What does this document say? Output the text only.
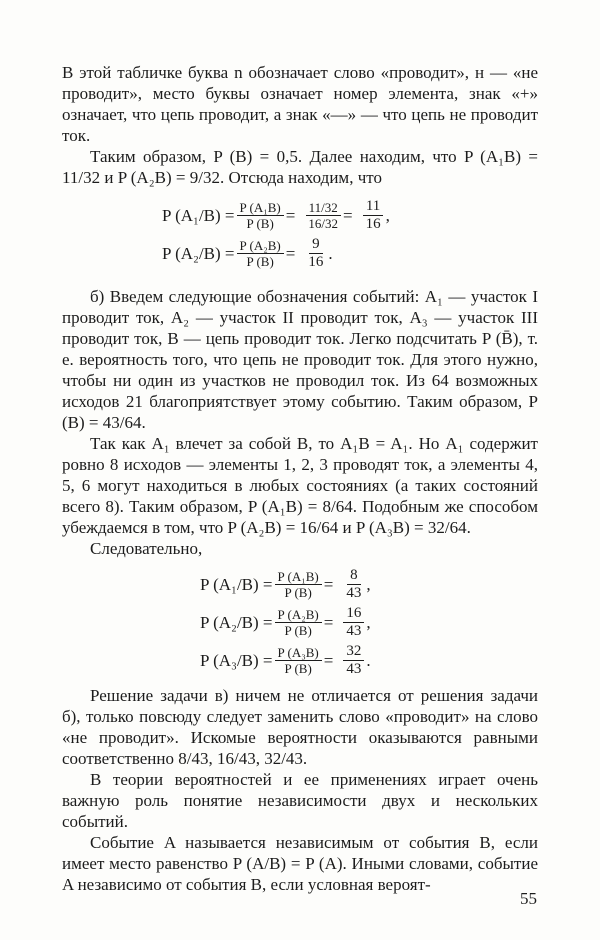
В этой табличке буква n обозначает слово «проводит», н — «не проводит», место буквы означает номер элемента, знак «+» означает, что цепь проводит, а знак «—» — что цепь не проводит ток.

Таким образом, P (B) = 0,5. Далее находим, что P (A₁B) = 11/32 и P (A₂B) = 9/32. Отсюда находим, что

P $(A_1/B) = \frac{\text{P (A₁B)}}{P (B)} = \frac{11/32}{16/32} = \frac{11}{16}$ ,
P $(A_2/B) = \frac{\text{P (A₂B)}}{P (B)} = \frac{9}{16}$ .

б) Введем следующие обозначения событий: A₁ — участок I проводит ток, A₂ — участок II проводит ток, A₃ — участок III проводит ток, B — цепь проводит ток. Легко подсчитать P (B̄), т. е. вероятность того, что цепь не проводит ток. Для этого нужно, чтобы ни один из участков не проводил ток. Из 64 возможных исходов 21 благоприятствует этому событию. Таким образом, P (B) = 43/64.

Так как A₁ влечет за собой B, то A₁B = A₁. Но A₁ содержит ровно 8 исходов — элементы 1, 2, 3 проводят ток, а элементы 4, 5, 6 могут находиться в любых состояниях (а таких состояний всего 8). Таким образом, P (A₁B) = 8/64. Подобным же способом убеждаемся в том, что P (A₂B) = 16/64 и P (A₃B) = 32/64.

Следовательно,

P $(A_1/B) = \frac{\text{P (A₁B)}}{P (B)} = \frac{8}{43}$ ,
P $(A_2/B) = \frac{\text{P (A₂B)}}{P (B)} = \frac{16}{43}$ ,
P $(A_3/B) = \frac{\text{P (A₃B)}}{P (B)} = \frac{32}{43}$ .

Решение задачи в) ничем не отличается от решения задачи б), только повсюду следует заменить слово «проводит» на слово «не проводит». Искомые вероятности оказываются равными соответственно 8/43, 16/43, 32/43.

В теории вероятностей и ее применениях играет очень важную роль понятие независимости двух и нескольких событий.

Событие A называется независимым от события B, если имеет место равенство P (A/B) = P (A). Иными словами, событие A независимо от события B, если условная вероят-

55
